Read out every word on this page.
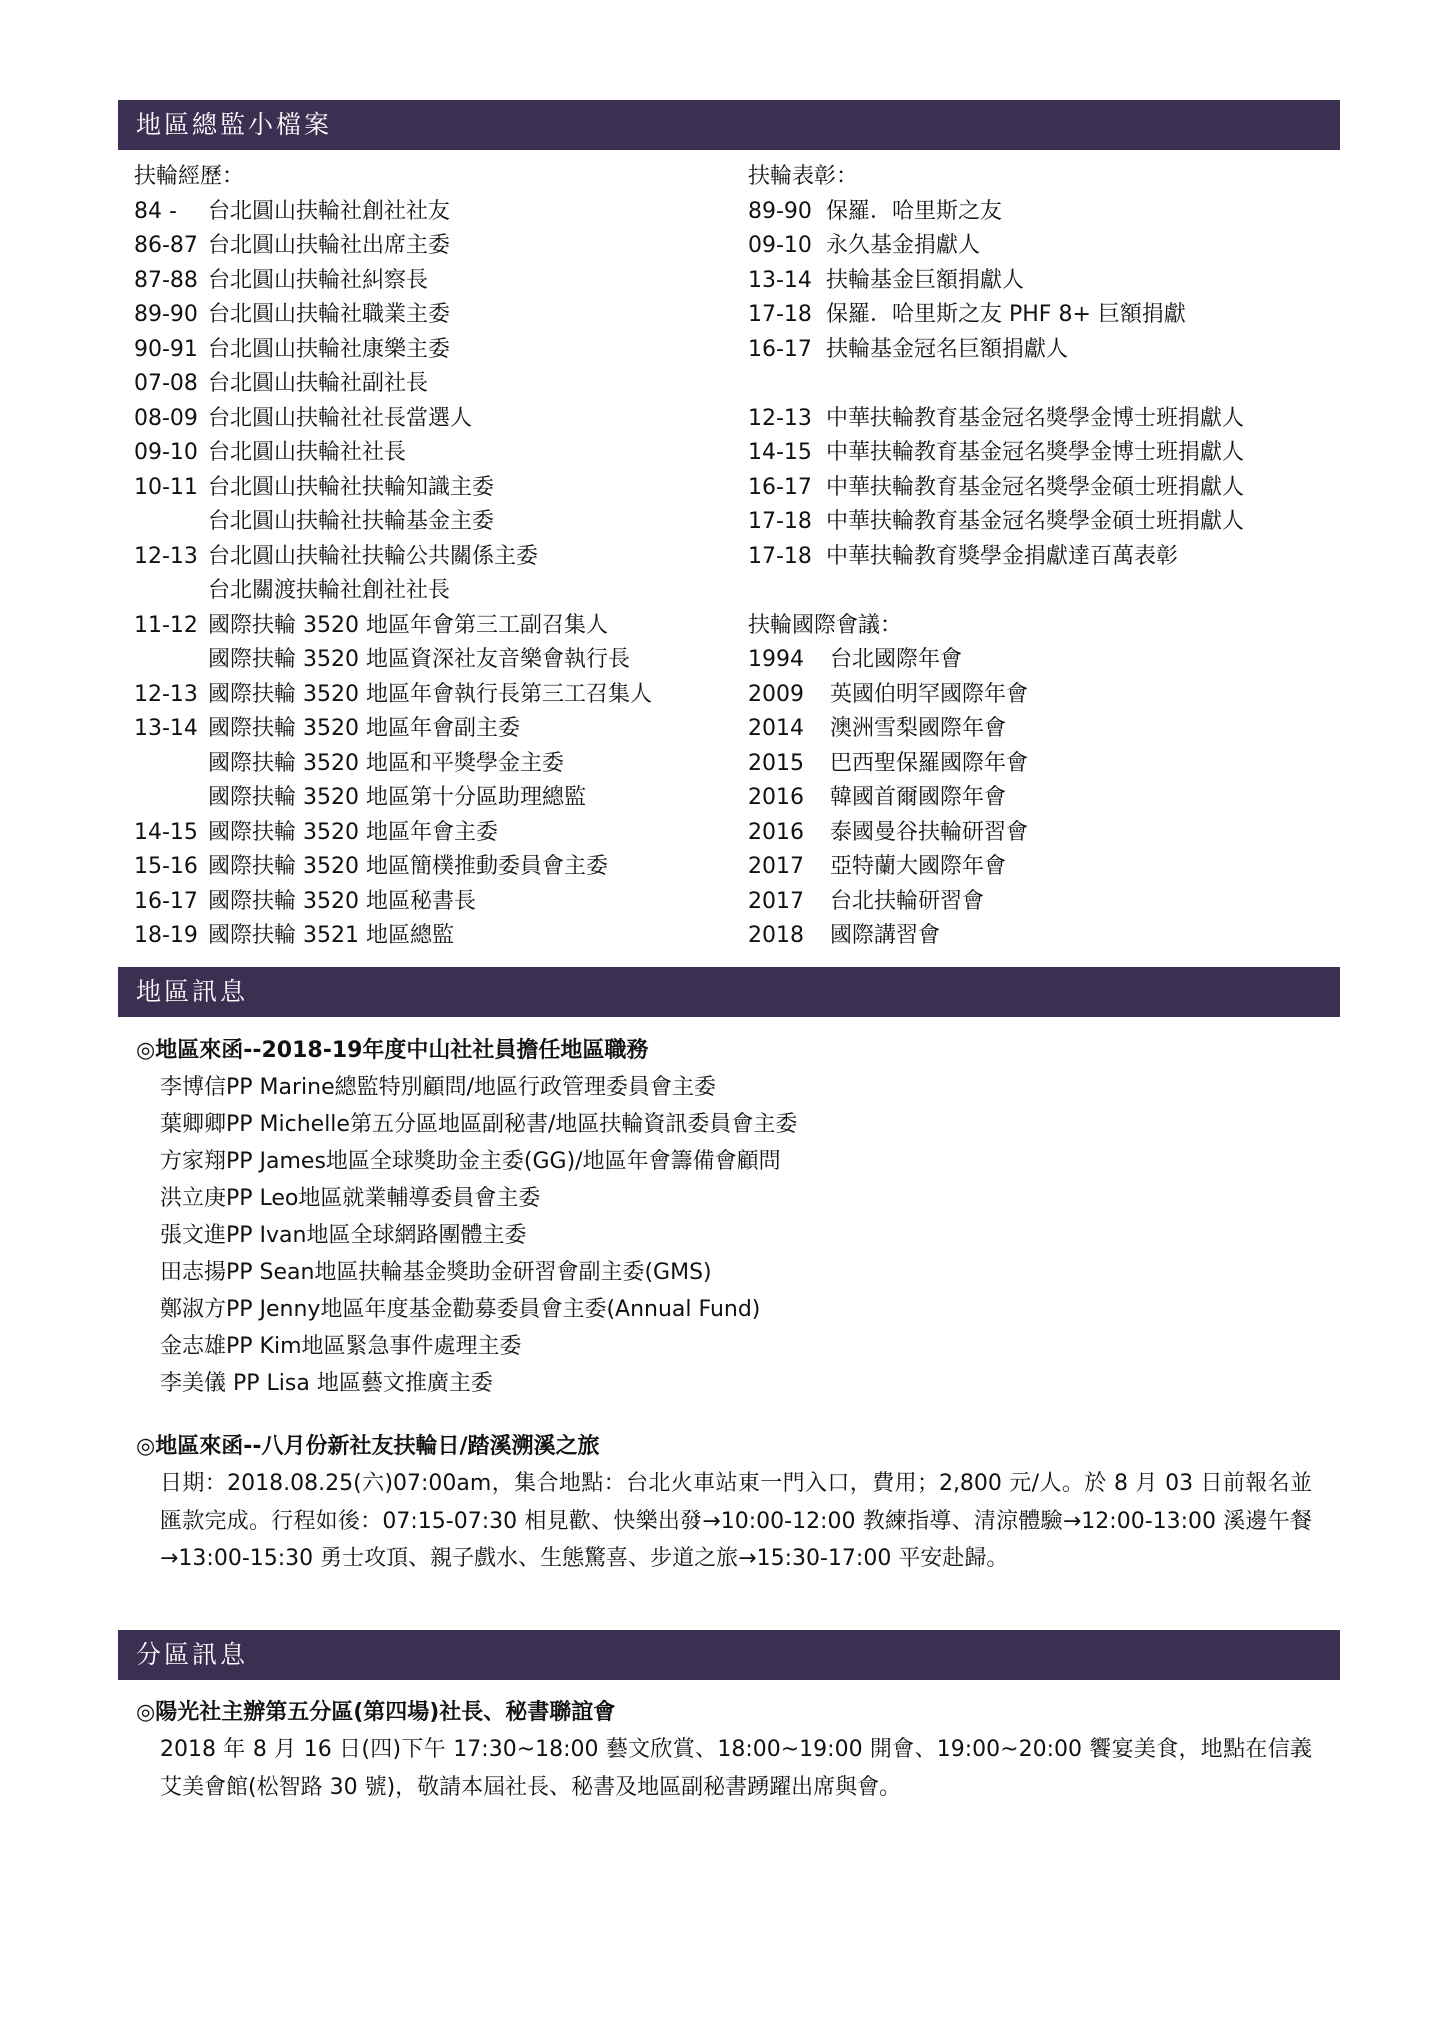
地區總監小檔案
扶輪經歷：
84 - 台北圓山扶輪社創社社友
86-87 台北圓山扶輪社出席主委
87-88 台北圓山扶輪社糾察長
89-90 台北圓山扶輪社職業主委
90-91 台北圓山扶輪社康樂主委
07-08 台北圓山扶輪社副社長
08-09 台北圓山扶輪社社長當選人
09-10 台北圓山扶輪社社長
10-11 台北圓山扶輪社扶輪知識主委
台北圓山扶輪社扶輪基金主委
12-13 台北圓山扶輪社扶輪公共關係主委
台北關渡扶輪社創社社長
11-12 國際扶輪 3520 地區年會第三工副召集人
國際扶輪 3520 地區資深社友音樂會執行長
12-13 國際扶輪 3520 地區年會執行長第三工召集人
13-14 國際扶輪 3520 地區年會副主委
國際扶輪 3520 地區和平獎學金主委
國際扶輪 3520 地區第十分區助理總監
14-15 國際扶輪 3520 地區年會主委
15-16 國際扶輪 3520 地區簡樸推動委員會主委
16-17 國際扶輪 3520 地區秘書長
18-19 國際扶輪 3521 地區總監
扶輪表彰：
89-90 保羅．哈里斯之友
09-10 永久基金捐獻人
13-14 扶輪基金巨額捐獻人
17-18 保羅．哈里斯之友 PHF 8+ 巨額捐獻
16-17 扶輪基金冠名巨額捐獻人
12-13 中華扶輪教育基金冠名獎學金博士班捐獻人
14-15 中華扶輪教育基金冠名獎學金博士班捐獻人
16-17 中華扶輪教育基金冠名獎學金碩士班捐獻人
17-18 中華扶輪教育基金冠名獎學金碩士班捐獻人
17-18 中華扶輪教育獎學金捐獻達百萬表彰
扶輪國際會議：
1994 台北國際年會
2009 英國伯明罕國際年會
2014 澳洲雪梨國際年會
2015 巴西聖保羅國際年會
2016 韓國首爾國際年會
2016 泰國曼谷扶輪研習會
2017 亞特蘭大國際年會
2017 台北扶輪研習會
2018 國際講習會
地區訊息
◎地區來函--2018-19年度中山社社員擔任地區職務
李博信PP Marine總監特別顧問/地區行政管理委員會主委
葉卿卿PP Michelle第五分區地區副秘書/地區扶輪資訊委員會主委
方家翔PP James地區全球獎助金主委(GG)/地區年會籌備會顧問
洪立庚PP Leo地區就業輔導委員會主委
張文進PP Ivan地區全球網路團體主委
田志揚PP Sean地區扶輪基金獎助金研習會副主委(GMS)
鄭淑方PP Jenny地區年度基金勸募委員會主委(Annual Fund)
金志雄PP Kim地區緊急事件處理主委
李美儀 PP Lisa 地區藝文推廣主委
◎地區來函--八月份新社友扶輪日/踏溪溯溪之旅
日期：2018.08.25(六)07:00am，集合地點：台北火車站東一門入口，費用；2,800 元/人。於 8 月 03 日前報名並匯款完成。行程如後：07:15-07:30 相見歡、快樂出發→10:00-12:00 教練指導、清涼體驗→12:00-13:00 溪邊午餐→13:00-15:30 勇士攻頂、親子戲水、生態驚喜、步道之旅→15:30-17:00 平安赴歸。
分區訊息
◎陽光社主辦第五分區(第四場)社長、秘書聯誼會
2018 年 8 月 16 日(四)下午 17:30~18:00 藝文欣賞、18:00~19:00 開會、19:00~20:00 饗宴美食，地點在信義艾美會館(松智路 30 號)，敬請本屆社長、秘書及地區副秘書踴躍出席與會。
